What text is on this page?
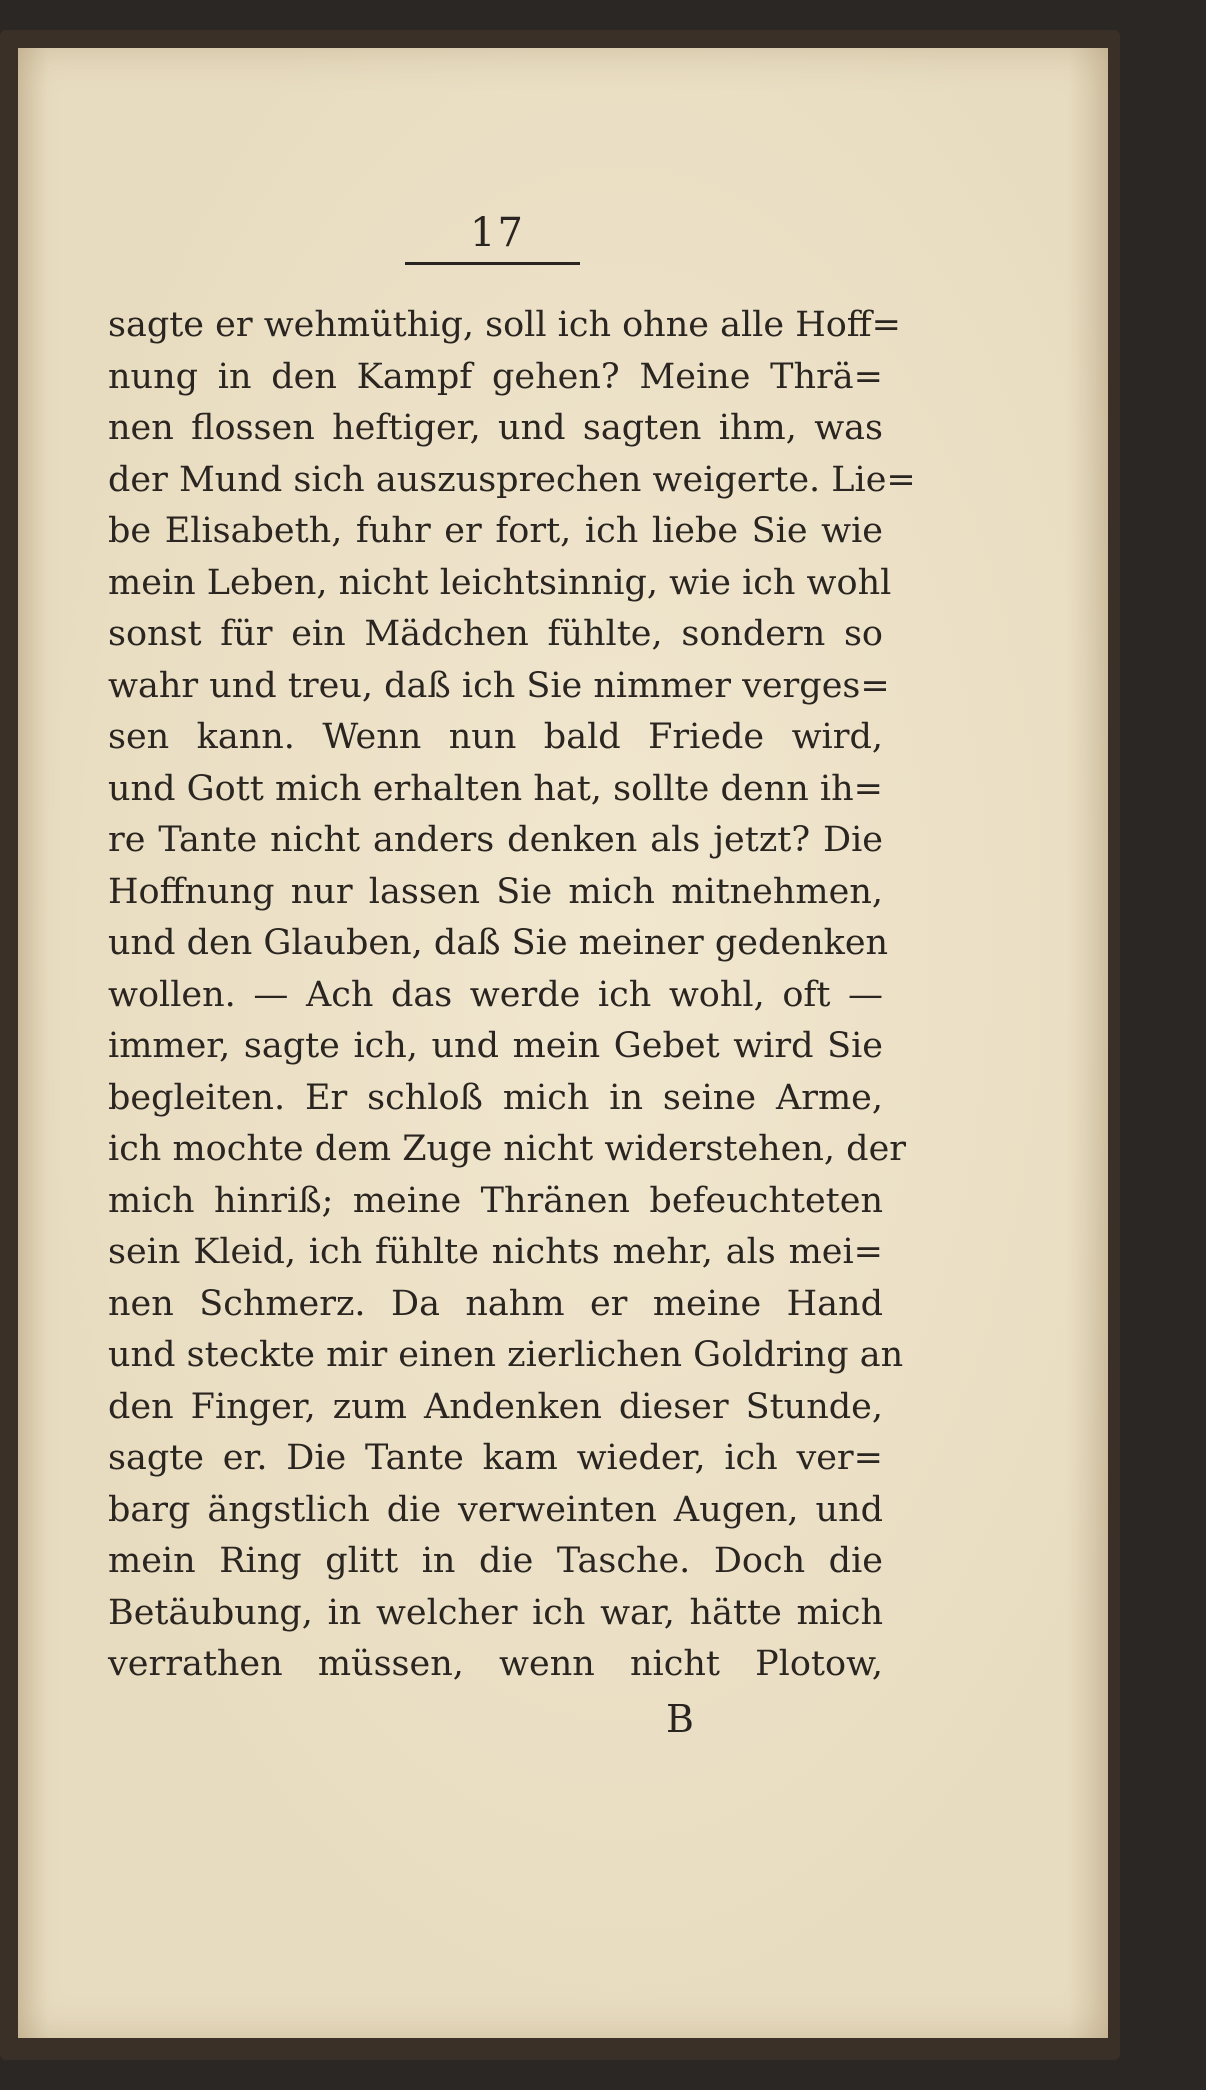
17
sagte er wehmüthig, soll ich ohne alle Hoff=
nung in den Kampf gehen? Meine Thrä=
nen flossen heftiger, und sagten ihm, was
der Mund sich auszusprechen weigerte. Lie=
be Elisabeth, fuhr er fort, ich liebe Sie wie
mein Leben, nicht leichtsinnig, wie ich wohl
sonst für ein Mädchen fühlte, sondern so
wahr und treu, daß ich Sie nimmer verges=
sen kann. Wenn nun bald Friede wird,
und Gott mich erhalten hat, sollte denn ih=
re Tante nicht anders denken als jetzt? Die
Hoffnung nur lassen Sie mich mitnehmen,
und den Glauben, daß Sie meiner gedenken
wollen. — Ach das werde ich wohl, oft —
immer, sagte ich, und mein Gebet wird Sie
begleiten. Er schloß mich in seine Arme,
ich mochte dem Zuge nicht widerstehen, der
mich hinriß; meine Thränen befeuchteten
sein Kleid, ich fühlte nichts mehr, als mei=
nen Schmerz. Da nahm er meine Hand
und steckte mir einen zierlichen Goldring an
den Finger, zum Andenken dieser Stunde,
sagte er. Die Tante kam wieder, ich ver=
barg ängstlich die verweinten Augen, und
mein Ring glitt in die Tasche. Doch die
Betäubung, in welcher ich war, hätte mich
verrathen müssen, wenn nicht Plotow,
B
